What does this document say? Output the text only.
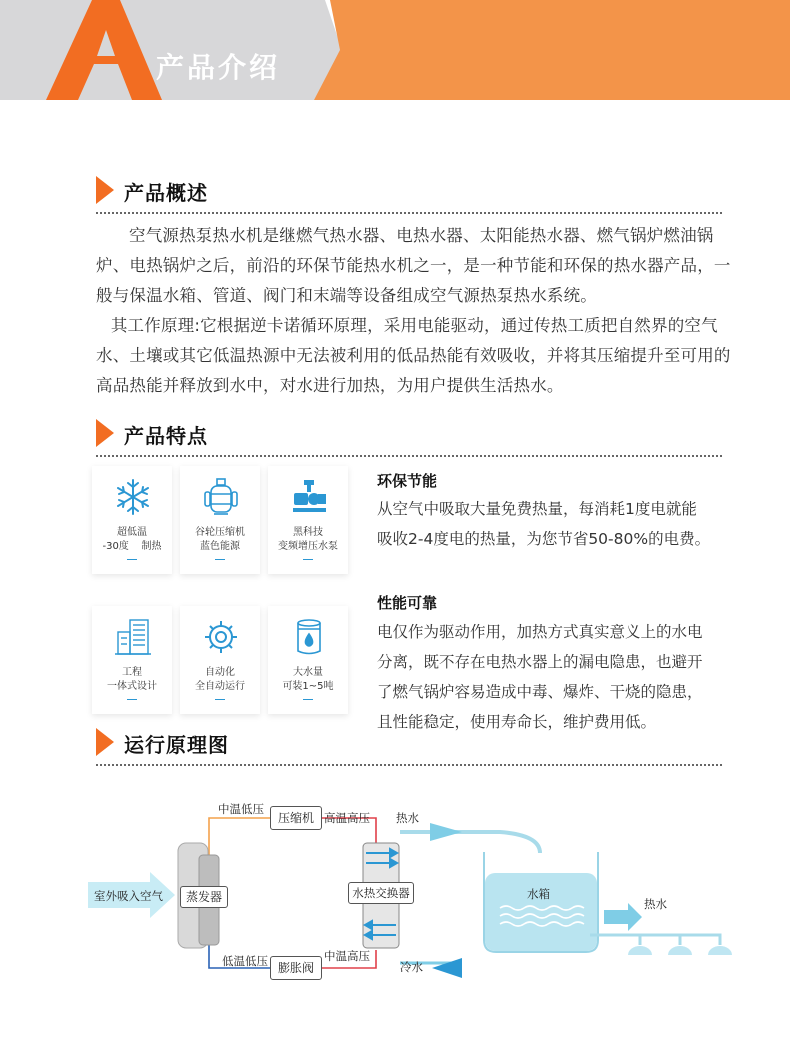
产品介绍
产品概述

空气源热泵热水机是继燃气热水器、电热水器、太阳能热水器、燃气锅炉燃油锅炉、电热锅炉之后，前沿的环保节能热水机之一，是一种节能和环保的热水器产品，一般与保温水箱、管道、阀门和末端等设备组成空气源热泵热水系统。

其工作原理:它根据逆卡诺循环原理，采用电能驱动，通过传热工质把自然界的空气水、土壤或其它低温热源中无法被利用的低品热能有效吸收，并将其压缩提升至可用的高品热能并释放到水中，对水进行加热，为用户提供生活热水。

产品特点
超低温
-30度    制热
谷轮压缩机
蓝色能源
黑科技
变频增压水泵
工程
一体式设计
自动化
全自动运行
大水量
可装1~5吨
环保节能

从空气中吸取大量免费热量，每消耗1度电就能

吸收2-4度电的热量，为您节省50-80%的电费。

性能可靠

电仅作为驱动作用，加热方式真实意义上的水电

分离，既不存在电热水器上的漏电隐患，也避开

了燃气锅炉容易造成中毒、爆炸、干烧的隐患，

且性能稳定，使用寿命长，维护费用低。

运行原理图
室外吸入空气	蒸发器
中温低压
压缩机 高温高压 热水
水热交换器	水箱
热水
低温低压 膨胀阀
中温高压
冷水
